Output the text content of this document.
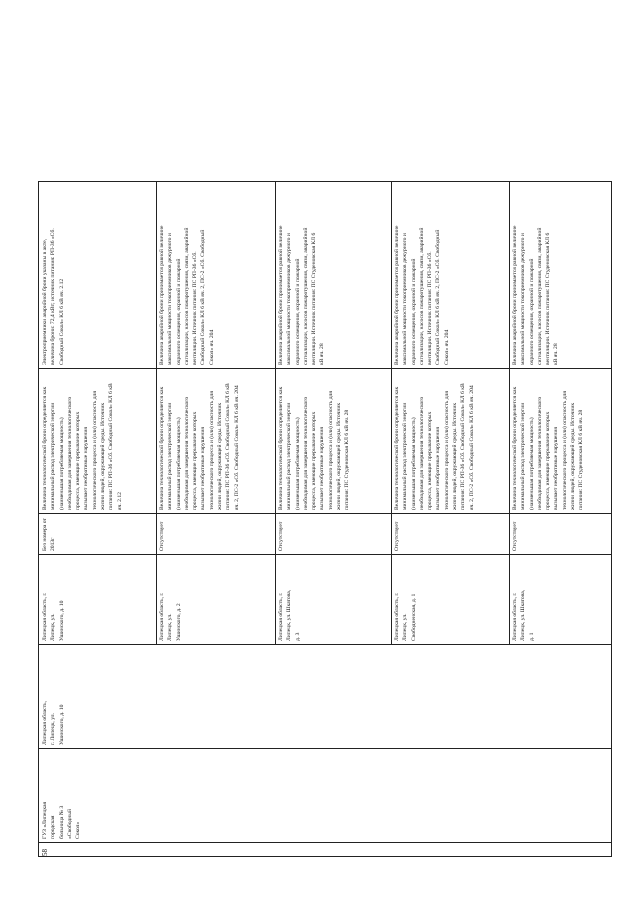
58
ГУЗ «Липецкая городская больница № 3 «Свободный Сокол»
Липецкая область, г. Липецк, ул. Ушинского, д. 10
Липецкая область, г. Липецк, ул. Ушинского, д. 10
Без номера от 2013г
Величина технологической брони определяется как минимальный расход электрической энергии (наименьшая потребляемая мощность) необходимая для завершения технологического процесса, имеющие прерывание которых вызывает необратимые нарушения технологического процесса и (или) опасность для жизни людей, окружающей среды. Источник питания: ПС РП-36 «Сб. Свободный Сокол» КЛ 6 кВ яч. 2.12
Электроприемники аварийной брони указаны в акте, величина брони: 72,4 кВт; источник питания: РП-36 «Сб. Свободный Сокол» КЛ 6 кВ яч. 2.12
Липецкая область, г. Липецк, ул. Ушинского, д. 2
Отсутствует
Величина технологической брони определяется как минимальный расход электрической энергии (наименьшая потребляемая мощность) необходимая для завершения технологического процесса, имеющие прерывание которых вызывает необратимые нарушения технологического процесса и (или) опасность для жизни людей, окружающей среды. Источник питания: ПС РП-36 «Сб. Свободный Сокол» КЛ 6 кВ яч. 2, ПС-2 «Сб. Свободный Сокол» КЛ 6 кВ яч. 204
Величина аварийной брони принимается равной величине максимальной мощности токоприемников дежурного и охранного освещения, охранной и пожарной сигнализации, насосов пожаротушения, связи, аварийной вентиляции. Источник питания: ПС РП-36 «Сб. Свободный Сокол» КЛ 6 кВ яч. 2, ПС-2 «Сб. Свободный Сокол» яч. 204
Липецкая область, г. Липецк, ул. Шкатова, д. 3
Отсутствует
Величина технологической брони определяется как минимальный расход электрической энергии (наименьшая потребляемая мощность) необходимая для завершения технологического процесса, имеющие прерывание которых вызывает необратимые нарушения технологического процесса и (или) опасность для жизни людей, окружающей среды. Источник питания: ПС Студеновская КЛ 6 кВ яч. 28
Величина аварийной брони принимается равной величине максимальной мощности токоприемников дежурного и охранного освещения, охранной и пожарной сигнализации, насосов пожаротушения, связи, аварийной вентиляции. Источник питания: ПС Студеновская КЛ 6 кВ яч. 28
Липецкая область, г. Липецк, ул. Свободненская, д. 1
Отсутствует
Величина технологической брони определяется как минимальный расход электрической энергии (наименьшая потребляемая мощность) необходимая для завершения технологического процесса, имеющие прерывание которых вызывает необратимые нарушения технологического процесса и (или) опасность для жизни людей, окружающей среды. Источник питания: ПС РП-36 «Сб. Свободный Сокол» КЛ 6 кВ яч. 2, ПС-2 «Сб. Свободный Сокол» КЛ 6 кВ яч. 204
Величина аварийной брони принимается равной величине максимальной мощности токоприемников дежурного и охранного освещения, охранной и пожарной сигнализации, насосов пожаротушения, связи, аварийной вентиляции. Источник питания: ПС РП-36 «Сб. Свободный Сокол» КЛ 6 кВ яч. 2, ПС-2 «Сб. Свободный Сокол» яч. 204
Липецкая область, г. Липецк, ул. Шкатова, д. 1
Отсутствует
Величина технологической брони определяется как минимальный расход электрической энергии (наименьшая потребляемая мощность) необходимая для завершения технологического процесса, имеющие прерывание которых вызывает необратимые нарушения технологического процесса и (или) опасность для жизни людей, окружающей среды. Источник питания: ПС Студеновская КЛ 6 кВ яч. 28
Величина аварийной брони принимается равной величине максимальной мощности токоприемников дежурного и охранного освещения, охранной и пожарной сигнализации, насосов пожаротушения, связи, аварийной вентиляции. Источник питания: ПС Студеновская КЛ 6 кВ яч. 28
